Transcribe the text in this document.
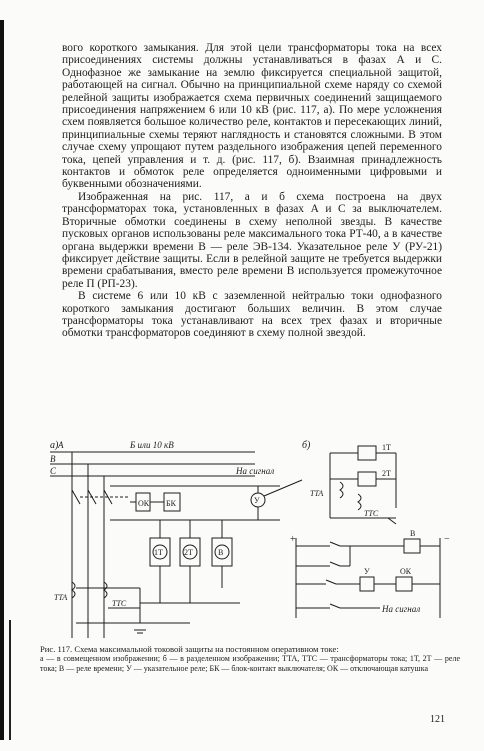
вого короткого замыкания. Для этой цели трансформаторы тока на всех присоединениях системы должны устанавливаться в фазах А и С. Однофазное же замыкание на землю фиксируется специальной защитой, работающей на сигнал. Обычно на принципиальной схеме наряду со схемой релейной защиты изображается схема первичных соединений защищаемого присоединения напряжением 6 или 10 кВ (рис. 117, а). По мере усложнения схем появляется большое количество реле, контактов и пересекающих линий, принципиальные схемы теряют наглядность и становятся сложными. В этом случае схему упрощают путем раздельного изображения цепей переменного тока, цепей управления и т. д. (рис. 117, б). Взаимная принадлежность контактов и обмоток реле определяется одноименными цифровыми и буквенными обозначениями.

Изображенная на рис. 117, а и б схема построена на двух трансформаторах тока, установленных в фазах А и С за выключателем. Вторичные обмотки соединены в схему неполной звезды. В качестве пусковых органов использованы реле максимального тока РТ-40, а в качестве органа выдержки времени В — реле ЭВ-134. Указательное реле У (РУ-21) фиксирует действие защиты. Если в релейной защите не требуется выдержки времени срабатывания, вместо реле времени В используется промежуточное реле П (РП-23).

В системе 6 или 10 кВ с заземленной нейтралью токи однофазного короткого замыкания достигают больших величин. В этом случае трансформаторы тока устанавливают на всех трех фазах и вторичные обмотки трансформаторов соединяют в схему полной звездой.

а) А
В
С
Б или 10 кВ
На сигнал
ОК БК	У
1Т	2Т	В
ТТА
ТТС
б)	1Т
2Т
ТТА
ТТС
+	−
В
У	ОК
На сигнал
Рис. 117. Схема максимальной токовой защиты на постоянном оперативном токе:
а — в совмещенном изображении; б — в разделенном изображении; ТТА, ТТС — трансформаторы тока; 1Т, 2Т — реле тока; В — реле времени; У — указательное реле; БК — блок-контакт выключателя; ОК — отключающая катушка
121
